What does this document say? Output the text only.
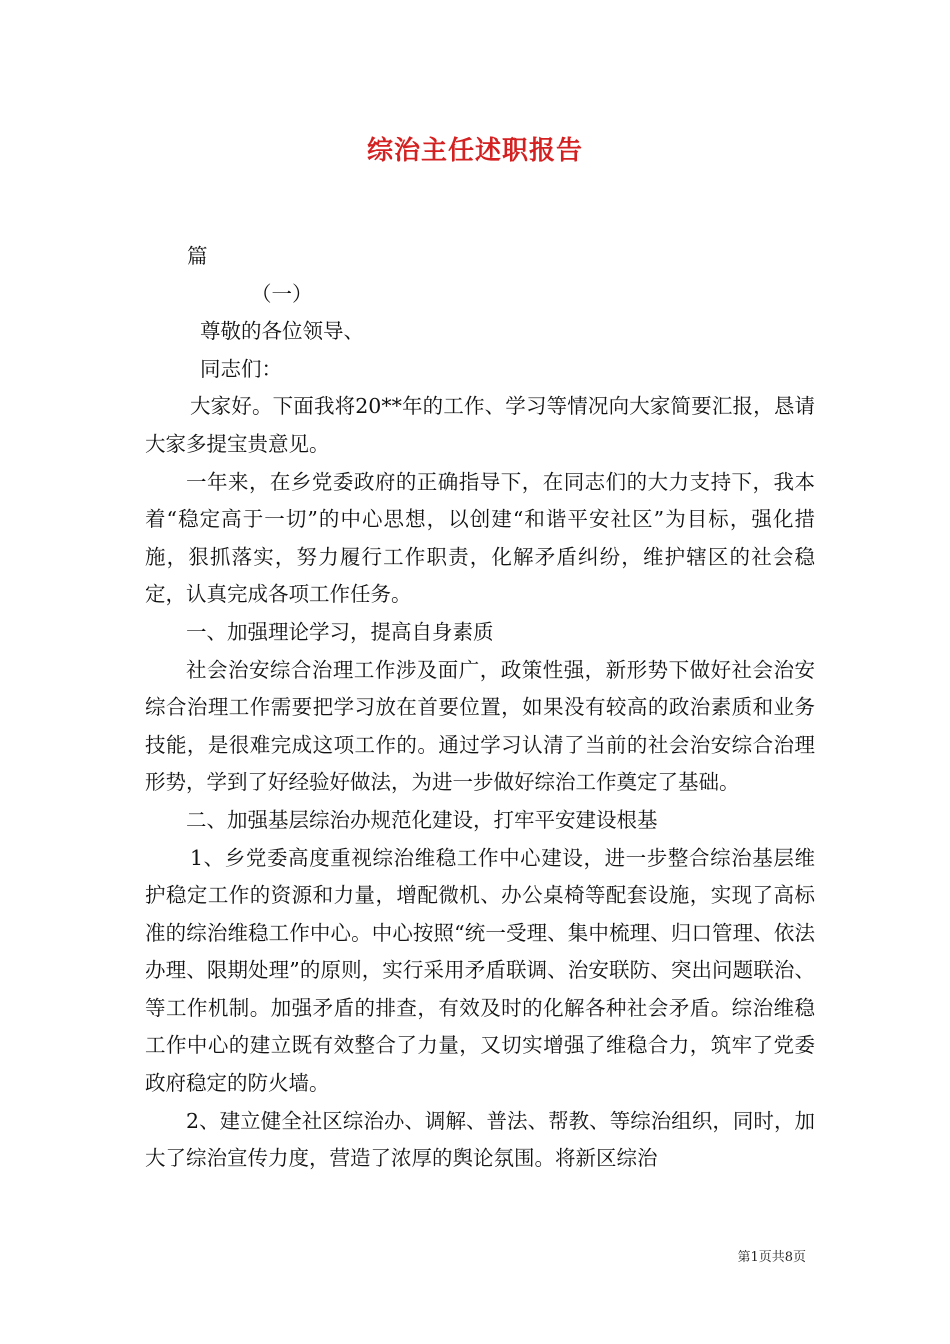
综治主任述职报告

篇

（一）

尊敬的各位领导、

同志们：

大家好。下面我将20**年的工作、学习等情况向大家简要汇报，恳请大家多提宝贵意见。

一年来，在乡党委政府的正确指导下，在同志们的大力支持下，我本着“稳定高于一切”的中心思想，以创建“和谐平安社区”为目标，强化措施，狠抓落实，努力履行工作职责，化解矛盾纠纷，维护辖区的社会稳定，认真完成各项工作任务。

一、加强理论学习，提高自身素质

社会治安综合治理工作涉及面广，政策性强，新形势下做好社会治安综合治理工作需要把学习放在首要位置，如果没有较高的政治素质和业务技能，是很难完成这项工作的。通过学习认清了当前的社会治安综合治理形势，学到了好经验好做法，为进一步做好综治工作奠定了基础。

二、加强基层综治办规范化建设，打牢平安建设根基

1、乡党委高度重视综治维稳工作中心建设，进一步整合综治基层维护稳定工作的资源和力量，增配微机、办公桌椅等配套设施，实现了高标准的综治维稳工作中心。中心按照“统一受理、集中梳理、归口管理、依法办理、限期处理”的原则，实行采用矛盾联调、治安联防、突出问题联治、等工作机制。加强矛盾的排查，有效及时的化解各种社会矛盾。综治维稳工作中心的建立既有效整合了力量，又切实增强了维稳合力，筑牢了党委政府稳定的防火墙。

2、建立健全社区综治办、调解、普法、帮教、等综治组织，同时，加大了综治宣传力度，营造了浓厚的舆论氛围。将新区综治

第1页共8页
